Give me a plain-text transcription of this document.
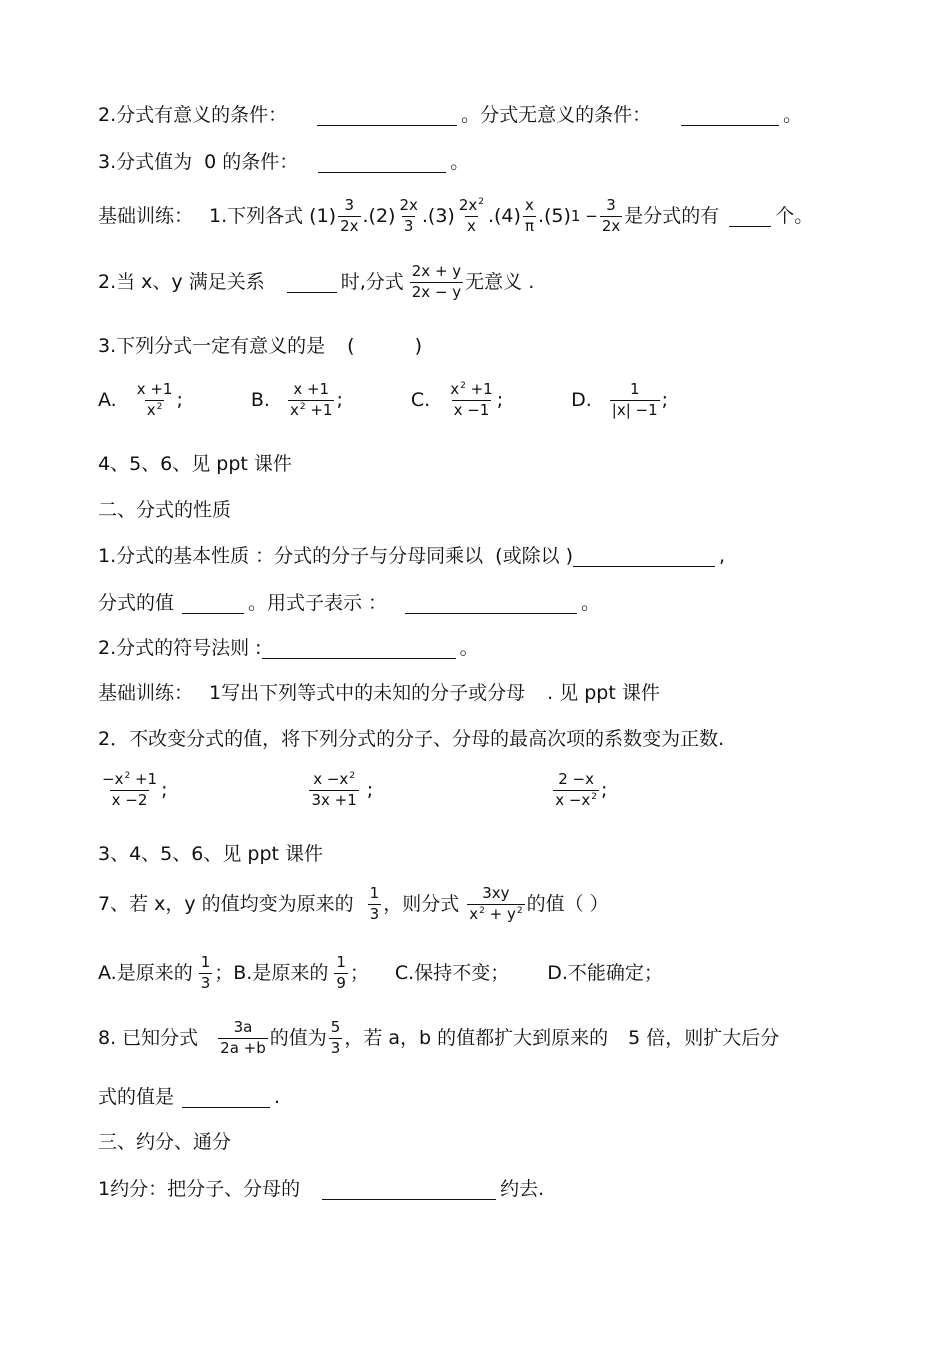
2.分式有意义的条件：	。分式无意义的条件：	。
3.分式值为 0 的条件：	。
基础训练： 1.下列各式 $(1) \frac{3}{2x} .(2) \frac{2x}{3} .(3) \frac{2x^2}{x} .(4) \frac{x}{\pi} .(5) 1 - \frac{3}{2x}$ 是分式的有	个。
2.当 x、y 满足关系	时,分式 $\frac{2x + y}{2x - y}$ 无意义 .
3.下列分式一定有意义的是 (	)
A. $\frac{x +1}{x^2}$ ;	B. $\frac{x +1}{x^2 +1}$ ;	C. $\frac{x^2 +1}{x -1}$ ;	D. $\frac{1}{|x| -1}$ ;
4、5、6、见 ppt 课件
二、分式的性质
1.分式的基本性质 ：分式的分子与分母同乘以 (或除以 )	,
分式的值	。用式子表示 ：	。
2.分式的符号法则 :	。
基础训练： 1写出下列等式中的未知的分子或分母 . 见 ppt 课件
2．不改变分式的值，将下列分式的分子、分母的最高次项的系数变为正数.
$\frac{-x^2 +1}{x -2}$ ;	$\frac{x -x^2}{3x +1}$ ;	$\frac{2 -x}{x -x^2}$ ;
3、4、5、6、见 ppt 课件
7、若 x，y 的值均变为原来的 $\frac{1}{3}$ ，则分式 $\frac{3xy}{x^2 + y^2}$ 的值（ ）
A.是原来的 $\frac{1}{3}$ ；B.是原来的 $\frac{1}{9}$ ； C.保持不变； D.不能确定；
8. 已知分式 $\frac{3a}{2a +b}$ 的值为 $\frac{5}{3}$ ，若 a，b 的值都扩大到原来的 5 倍，则扩大后分
式的值是	.
三、约分、通分
1约分：把分子、分母的	约去.
